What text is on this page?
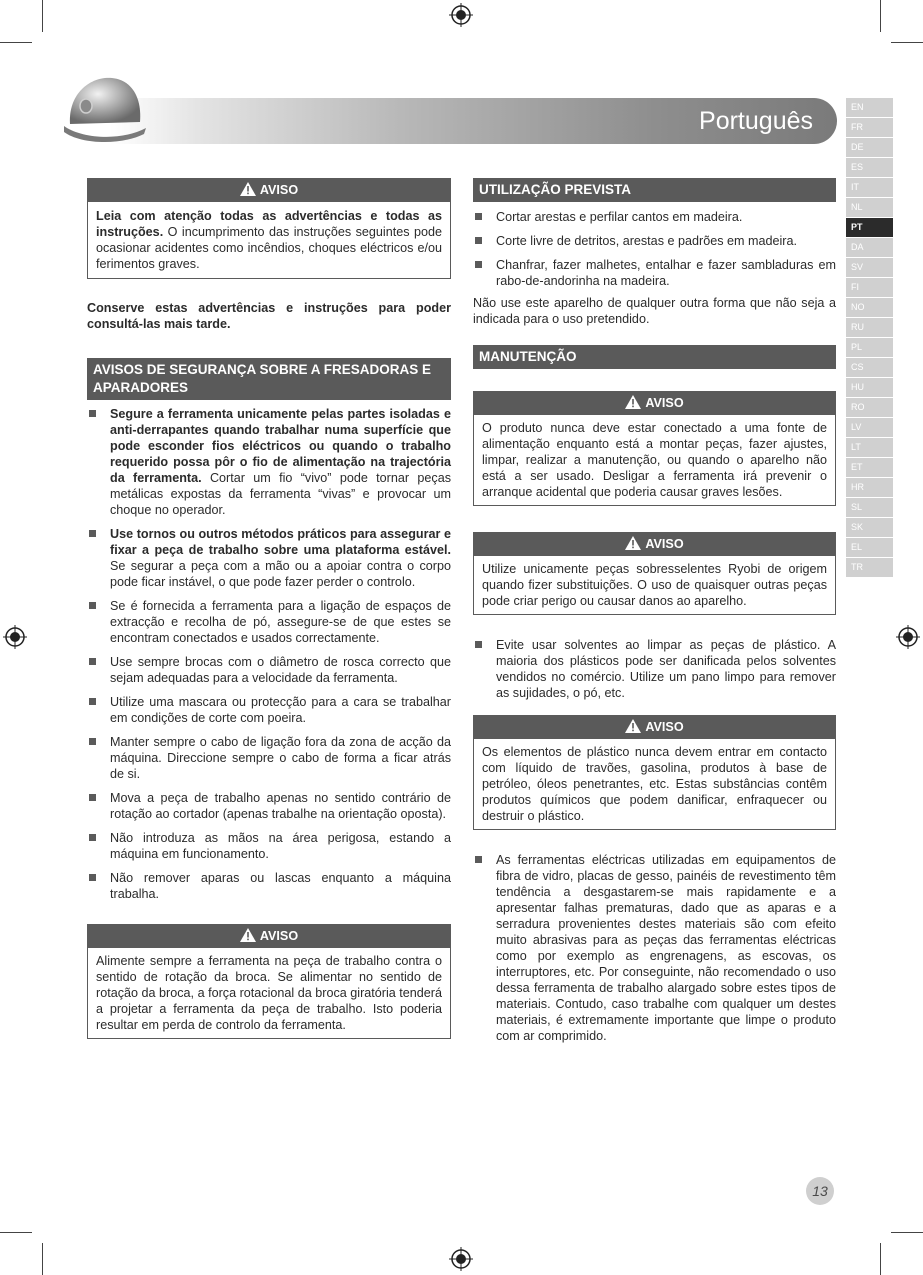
Português	EN
FR
DE
ES
IT
NL
PT
DA
SV
FI
NO
RU
PL
CS
HU
RO
LV
LT
ET
HR
SL
SK
EL
TR
AVISO
Leia com atenção todas as advertências e todas as instruções. O incumprimento das instruções seguintes pode ocasionar acidentes como incêndios, choques eléctricos e/ou ferimentos graves.

Conserve estas advertências e instruções para poder consultá-las mais tarde.

AVISOS DE SEGURANÇA SOBRE A FRESADORAS E APARADORES
Segure a ferramenta unicamente pelas partes isoladas e anti-derrapantes quando trabalhar numa superfície que pode esconder fios eléctricos ou quando o trabalho requerido possa pôr o fio de alimentação na trajectória da ferramenta. Cortar um fio “vivo” pode tornar peças metálicas expostas da ferramenta “vivas” e provocar um choque no operador.
Use tornos ou outros métodos práticos para assegurar e fixar a peça de trabalho sobre uma plataforma estável. Se segurar a peça com a mão ou a apoiar contra o corpo pode ficar instável, o que pode fazer perder o controlo.
Se é fornecida a ferramenta para a ligação de espaços de extracção e recolha de pó, assegure-se de que estes se encontram conectados e usados correctamente.
Use sempre brocas com o diâmetro de rosca correcto que sejam adequadas para a velocidade da ferramenta.
Utilize uma mascara ou protecção para a cara se trabalhar em condições de corte com poeira.
Manter sempre o cabo de ligação fora da zona de acção da máquina. Direccione sempre o cabo de forma a ficar atrás de si.
Mova a peça de trabalho apenas no sentido contrário de rotação ao cortador (apenas trabalhe na orientação oposta).
Não introduza as mãos na área perigosa, estando a máquina em funcionamento.
Não remover aparas ou lascas enquanto a máquina trabalha.
AVISO
Alimente sempre a ferramenta na peça de trabalho contra o sentido de rotação da broca. Se alimentar no sentido de rotação da broca, a força rotacional da broca giratória tenderá a projetar a ferramenta da peça de trabalho. Isto poderia resultar em perda de controlo da ferramenta.
UTILIZAÇÃO PREVISTA
Cortar arestas e perfilar cantos em madeira.
Corte livre de detritos, arestas e padrões em madeira.
Chanfrar, fazer malhetes, entalhar e fazer sambladuras em rabo-de-andorinha na madeira.

Não use este aparelho de qualquer outra forma que não seja a indicada para o uso pretendido.

MANUTENÇÃO
AVISO
O produto nunca deve estar conectado a uma fonte de alimentação enquanto está a montar peças, fazer ajustes, limpar, realizar a manutenção, ou quando o aparelho não está a ser usado. Desligar a ferramenta irá prevenir o arranque acidental que poderia causar graves lesões.
AVISO
Utilize unicamente peças sobresselentes Ryobi de origem quando fizer substituições. O uso de quaisquer outras peças pode criar perigo ou causar danos ao aparelho.
Evite usar solventes ao limpar as peças de plástico. A maioria dos plásticos pode ser danificada pelos solventes vendidos no comércio. Utilize um pano limpo para remover as sujidades, o pó, etc.
AVISO
Os elementos de plástico nunca devem entrar em contacto com líquido de travões, gasolina, produtos à base de petróleo, óleos penetrantes, etc. Estas substâncias contêm produtos químicos que podem danificar, enfraquecer ou destruir o plástico.
As ferramentas eléctricas utilizadas em equipamentos de fibra de vidro, placas de gesso, painéis de revestimento têm tendência a desgastarem-se mais rapidamente e a apresentar falhas prematuras, dado que as aparas e a serradura provenientes destes materiais são com efeito muito abrasivas para as peças das ferramentas eléctricas como por exemplo as engrenagens, as escovas, os interruptores, etc. Por conseguinte, não recomendado o uso dessa ferramenta de trabalho alargado sobre estes tipos de materiais. Contudo, caso trabalhe com qualquer um destes materiais, é extremamente importante que limpe o produto com ar comprimido.
13
